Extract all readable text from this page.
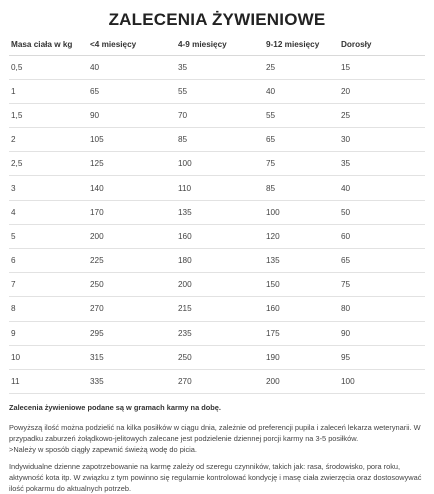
ZALECENIA ŻYWIENIOWE
Masa ciała w kg	<4 miesięcy	4-9 miesięcy	9-12 miesięcy	Dorosły
0,5	40	35	25	15
1	65	55	40	20
1,5	90	70	55	25
2	105	85	65	30
2,5	125	100	75	35
3	140	110	85	40
4	170	135	100	50
5	200	160	120	60
6	225	180	135	65
7	250	200	150	75
8	270	215	160	80
9	295	235	175	90
10	315	250	190	95
11	335	270	200	100

Zalecenia żywieniowe podane są w gramach karmy na dobę.

Powyższą ilość można podzielić na kilka posiłków w ciągu dnia, zależnie od preferencji pupila i zaleceń lekarza weterynarii. W przypadku zaburzeń żołądkowo-jelitowych zalecane jest podzielenie dziennej porcji karmy na 3-5 posiłków.
>Należy w sposób ciągły zapewnić świeżą wodę do picia.

Indywidualne dzienne zapotrzebowanie na karmę zależy od szeregu czynników, takich jak: rasa, środowisko, pora roku, aktywność kota itp. W związku z tym powinno się regularnie kontrolować kondycję i masę ciała zwierzęcia oraz dostosowywać ilość pokarmu do aktualnych potrzeb.
